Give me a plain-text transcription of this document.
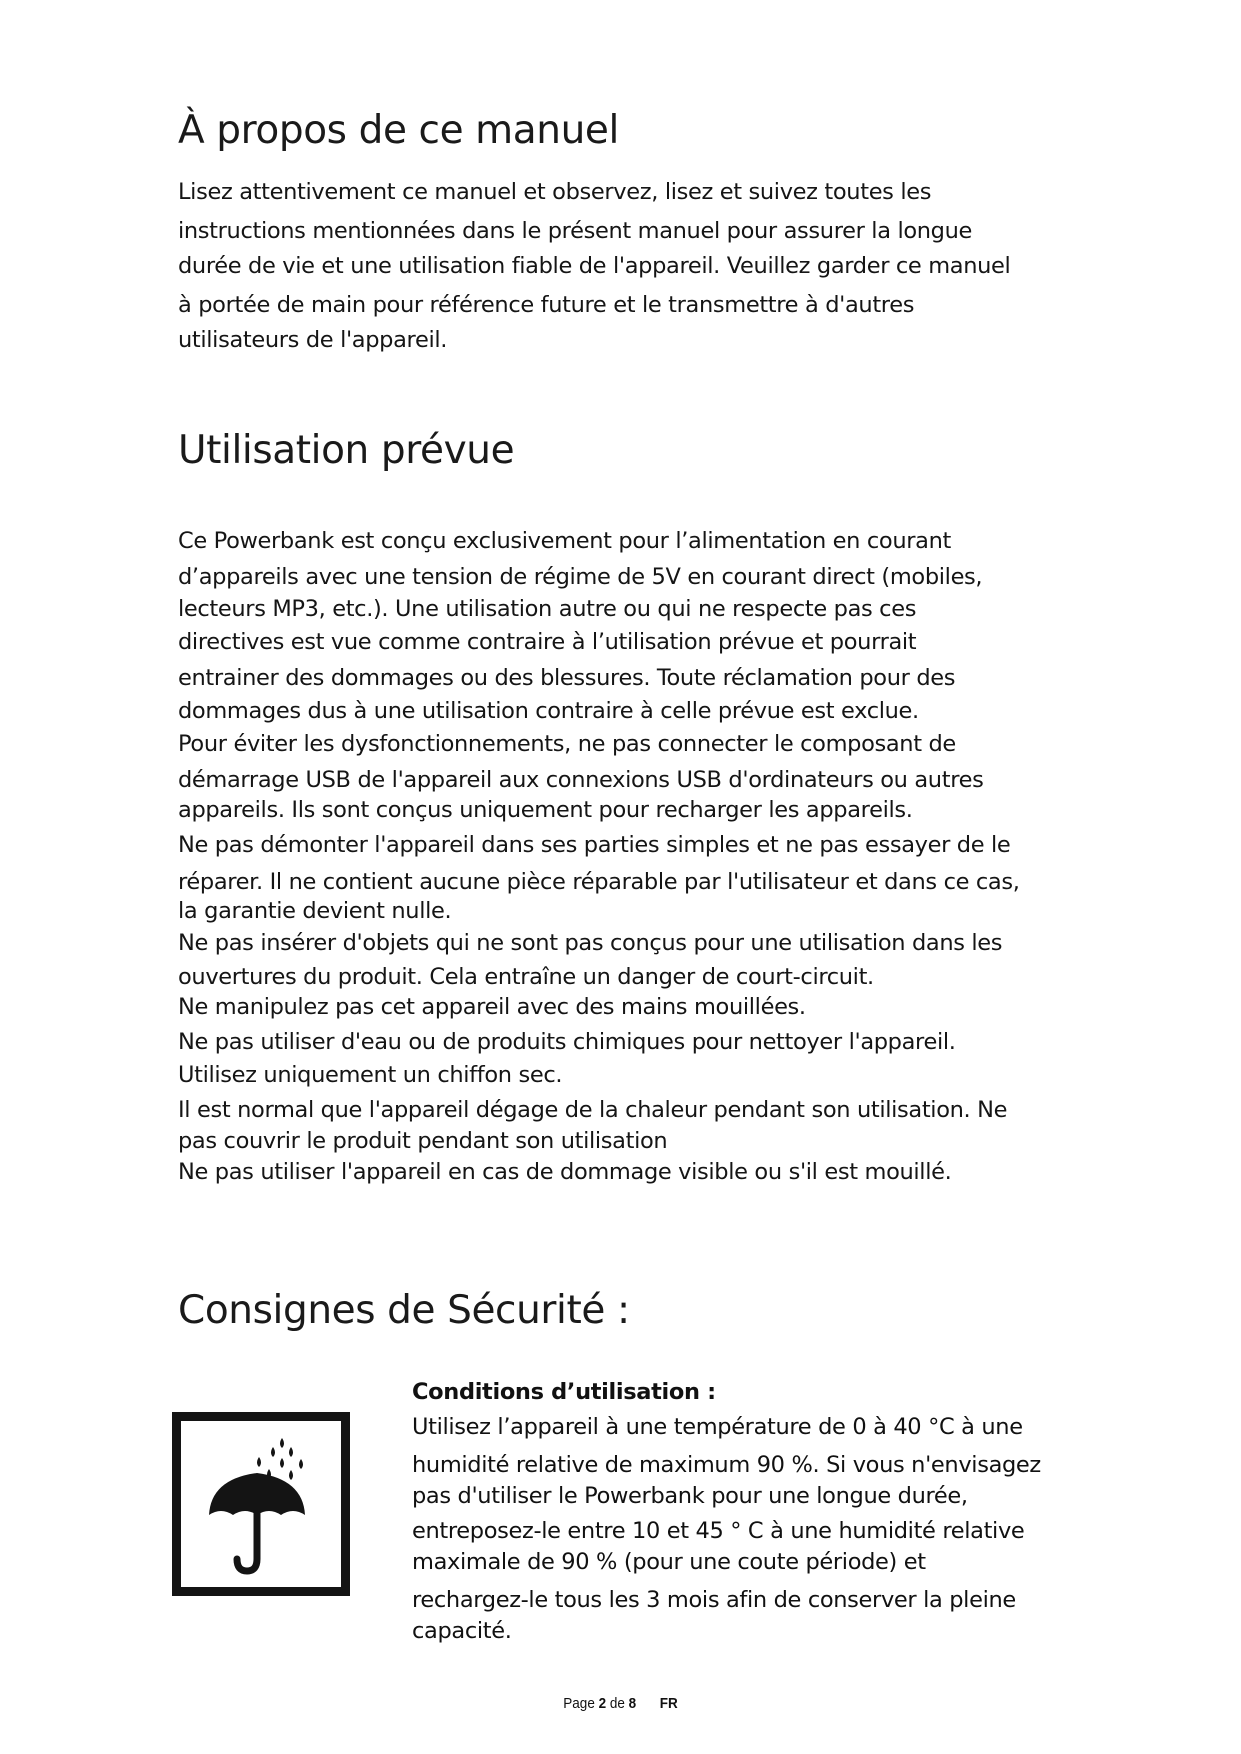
À propos de ce manuel
Lisez attentivement ce manuel et observez, lisez et suivez toutes les
instructions mentionnées dans le présent manuel pour assurer la longue
durée de vie et une utilisation fiable de l'appareil. Veuillez garder ce manuel
à portée de main pour référence future et le transmettre à d'autres
utilisateurs de l'appareil.
Utilisation prévue
Ce Powerbank est conçu exclusivement pour l’alimentation en courant
d’appareils avec une tension de régime de 5V en courant direct (mobiles,
lecteurs MP3, etc.). Une utilisation autre ou qui ne respecte pas ces
directives est vue comme contraire à l’utilisation prévue et pourrait
entrainer des dommages ou des blessures. Toute réclamation pour des
dommages dus à une utilisation contraire à celle prévue est exclue.
Pour éviter les dysfonctionnements, ne pas connecter le composant de
démarrage USB de l'appareil aux connexions USB d'ordinateurs ou autres
appareils. Ils sont conçus uniquement pour recharger les appareils.
Ne pas démonter l'appareil dans ses parties simples et ne pas essayer de le
réparer. Il ne contient aucune pièce réparable par l'utilisateur et dans ce cas,
la garantie devient nulle.
Ne pas insérer d'objets qui ne sont pas conçus pour une utilisation dans les
ouvertures du produit. Cela entraîne un danger de court-circuit.
Ne manipulez pas cet appareil avec des mains mouillées.
Ne pas utiliser d'eau ou de produits chimiques pour nettoyer l'appareil.
Utilisez uniquement un chiffon sec.
Il est normal que l'appareil dégage de la chaleur pendant son utilisation. Ne
pas couvrir le produit pendant son utilisation
Ne pas utiliser l'appareil en cas de dommage visible ou s'il est mouillé.
Consignes de Sécurité :
Conditions d’utilisation :
Utilisez l’appareil à une température de 0 à 40 °C à une
humidité relative de maximum 90 %. Si vous n'envisagez
pas d'utiliser le Powerbank pour une longue durée,
entreposez-le entre 10 et 45 ° C à une humidité relative
maximale de 90 % (pour une coute période) et
rechargez-le tous les 3 mois afin de conserver la pleine
capacité.
Page 2 de 8 FR
